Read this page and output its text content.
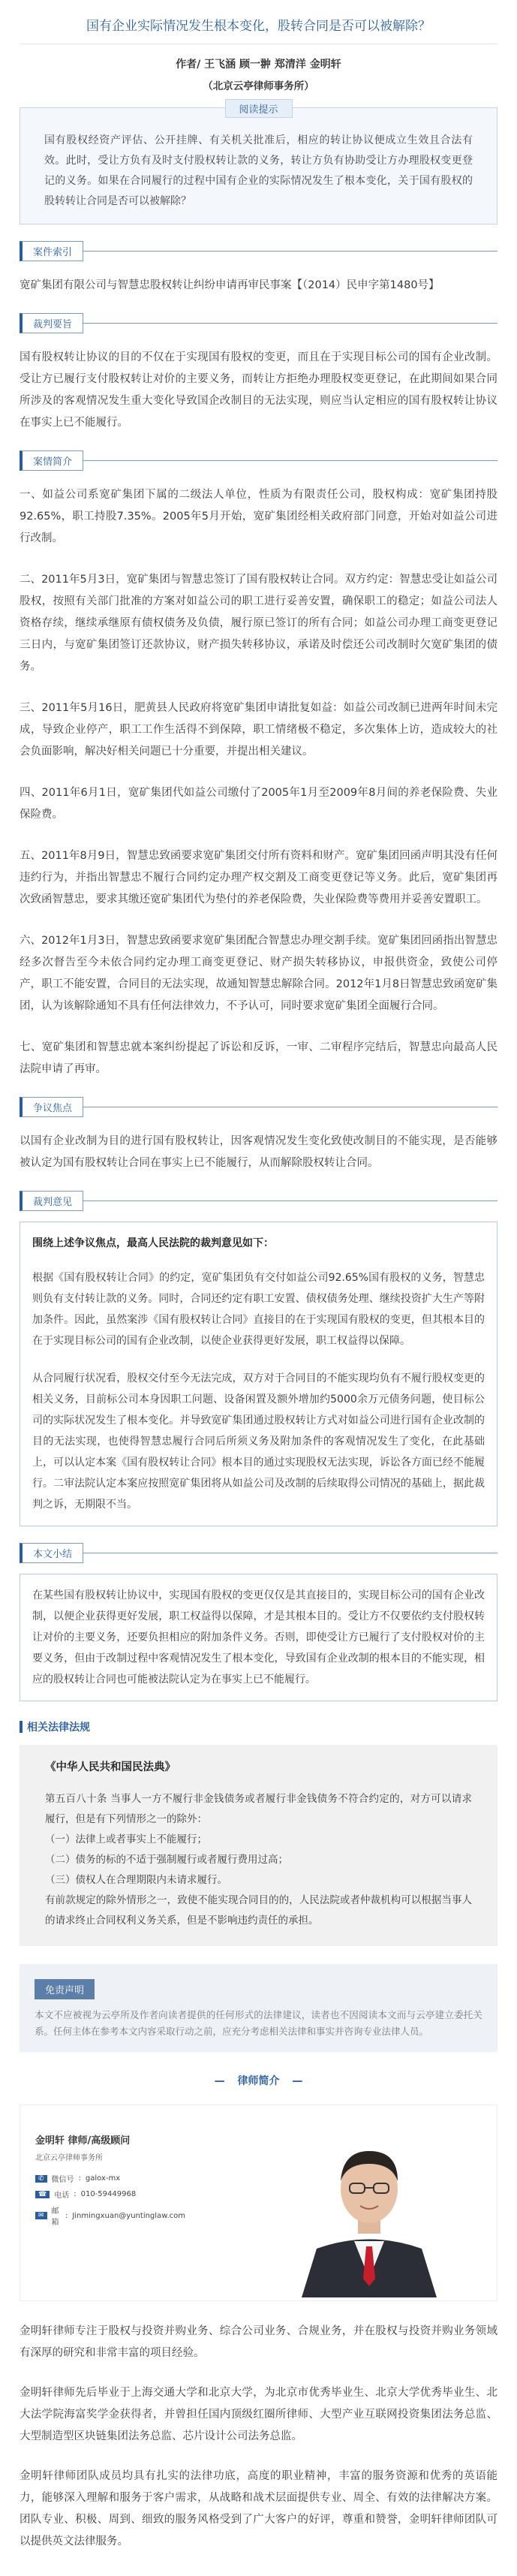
国有企业实际情况发生根本变化，股转合同是否可以被解除？
作者/ 王飞涵 顾一翀 郑清洋 金明轩
（北京云亭律师事务所）
阅读提示

国有股权经资产评估、公开挂牌、有关机关批准后，相应的转让协议便成立生效且合法有效。此时，受让方负有及时支付股权转让款的义务，转让方负有协助受让方办理股权变更登记的义务。如果在合同履行的过程中国有企业的实际情况发生了根本变化，关于国有股权的股转转让合同是否可以被解除？

案件索引

宽矿集团有限公司与智慧忠股权转让纠纷申请再审民事案【（2014）民申字第1480号】

裁判要旨

国有股权转让协议的目的不仅在于实现国有股权的变更，而且在于实现目标公司的国有企业改制。受让方已履行支付股权转让对价的主要义务，而转让方拒绝办理股权变更登记，在此期间如果合同所涉及的客观情况发生重大变化导致国企改制目的无法实现，则应当认定相应的国有股权转让协议在事实上已不能履行。

案情简介

一、如益公司系宽矿集团下属的二级法人单位，性质为有限责任公司，股权构成：宽矿集团持股92.65%，职工持股7.35%。2005年5月开始，宽矿集团经相关政府部门同意，开始对如益公司进行改制。

二、2011年5月3日，宽矿集团与智慧忠签订了国有股权转让合同。双方约定：智慧忠受让如益公司股权，按照有关部门批准的方案对如益公司的职工进行妥善安置，确保职工的稳定；如益公司法人资格存续，继续承继原有债权债务及负债，履行原已签订的所有合同；如益公司办理工商变更登记三日内，与宽矿集团签订还款协议，财产损失转移协议，承诺及时偿还公司改制时欠宽矿集团的债务。

三、2011年5月16日，肥黄县人民政府将宽矿集团申请批复如益：如益公司改制已进两年时间未完成，导致企业停产，职工工作生活得不到保障，职工情绪极不稳定，多次集体上访，造成较大的社会负面影响，解决好相关问题已十分重要，并提出相关建议。

四、2011年6月1日，宽矿集团代如益公司缴付了2005年1月至2009年8月间的养老保险费、失业保险费。

五、2011年8月9日，智慧忠致函要求宽矿集团交付所有资料和财产。宽矿集团回函声明其没有任何违约行为，并指出智慧忠不履行合同约定办理产权交割及工商变更登记等义务。此后，宽矿集团再次致函智慧忠，要求其缴还宽矿集团代为垫付的养老保险费，失业保险费等费用并妥善安置职工。

六、2012年1月3日，智慧忠致函要求宽矿集团配合智慧忠办理交割手续。宽矿集团回函指出智慧忠经多次督告至今未依合同约定办理工商变更登记、财产损失转移协议，申报供资金，致使公司停产，职工不能安置，合同目的无法实现，故通知智慧忠解除合同。2012年1月8日智慧忠致函宽矿集团，认为该解除通知不具有任何法律效力，不予认可，同时要求宽矿集团全面履行合同。

七、宽矿集团和智慧忠就本案纠纷提起了诉讼和反诉，一审、二审程序完结后，智慧忠向最高人民法院申请了再审。

争议焦点

以国有企业改制为目的进行国有股权转让，因客观情况发生变化致使改制目的不能实现，是否能够被认定为国有股权转让合同在事实上已不能履行，从而解除股权转让合同。

裁判意见

围绕上述争议焦点，最高人民法院的裁判意见如下：

根据《国有股权转让合同》的约定，宽矿集团负有交付如益公司92.65%国有股权的义务，智慧忠则负有支付转让款的义务。同时，合同还约定有职工安置、债权债务处理、继续投资扩大生产等附加条件。因此，虽然案涉《国有股权转让合同》直接目的在于实现国有股权的变更，但其根本目的在于实现目标公司的国有企业改制，以使企业获得更好发展，职工权益得以保障。

从合同履行状况看，股权交付至今无法完成，双方对于合同目的不能实现均负有不履行股权变更的相关义务，目前标公司本身因职工问题、设备闲置及额外增加约5000余万元债务问题，使目标公司的实际状况发生了根本变化。并导致宽矿集团通过股权转让方式对如益公司进行国有企业改制的目的无法实现，也使得智慧忠履行合同后所须义务及附加条件的客观情况发生了变化，在此基础上，可以认定本案《国有股权转让合同》根本目的通过实现股权无法实现，诉讼各方面已经不能履行。二审法院认定本案应按照宽矿集团将从如益公司及改制的后续取得公司情况的基础上，据此裁判之诉，无期限不当。

本文小结

在某些国有股权转让协议中，实现国有股权的变更仅仅是其直接目的，实现目标公司的国有企业改制，以便企业获得更好发展，职工权益得以保障，才是其根本目的。受让方不仅要依约支付股权转让对价的主要义务，还要负担相应的附加条件义务。否则，即使受让方已履行了支付股权对价的主要义务，但由于改制过程中客观情况发生了根本变化，导致国有企业改制的根本目的不能实现，相应的股权转让合同也可能被法院认定为在事实上已不能履行。

相关法律法规
《中华人民共和国民法典》

第五百八十条 当事人一方不履行非金钱债务或者履行非金钱债务不符合约定的，对方可以请求履行，但是有下列情形之一的除外：

（一）法律上或者事实上不能履行；

（二）债务的标的不适于强制履行或者履行费用过高；

（三）债权人在合理期限内未请求履行。

有前款规定的除外情形之一，致使不能实现合同目的的，人民法院或者仲裁机构可以根据当事人的请求终止合同权利义务关系，但是不影响违约责任的承担。

免责声明

本文不应被视为云亭所及作者向读者提供的任何形式的法律建议，读者也不因阅读本文而与云亭建立委托关系。任何主体在参考本文内容采取行动之前，应充分考虑相关法律和事实并咨询专业法律人员。

— 律师简介 —
金明轩 律师/高级顾问
北京云亭律师事务所
✆	微信号 : galox-mx
☎	电话 : 010-59449968
✉	邮箱
: Jinmingxuan@yuntinglaw.com

金明轩律师专注于股权与投资并购业务、综合公司业务、合规业务，并在股权与投资并购业务领域有深厚的研究和非常丰富的项目经验。

金明轩律师先后毕业于上海交通大学和北京大学，为北京市优秀毕业生、北京大学优秀毕业生、北大法学院海富奖学金获得者，并曾担任国内顶级红圈所律师、大型产业互联网投资集团法务总监、大型制造型区块链集团法务总监、芯片设计公司法务总监。

金明轩律师团队成员均具有扎实的法律功底，高度的职业精神，丰富的服务资源和优秀的英语能力，能够深入理解和服务于客户需求，从战略和战术层面提供专业、周全、有效的法律解决方案。团队专业、积极、周到、细致的服务风格受到了广大客户的好评，尊重和赞誉，金明轩律师团队可以提供英文法律服务。
